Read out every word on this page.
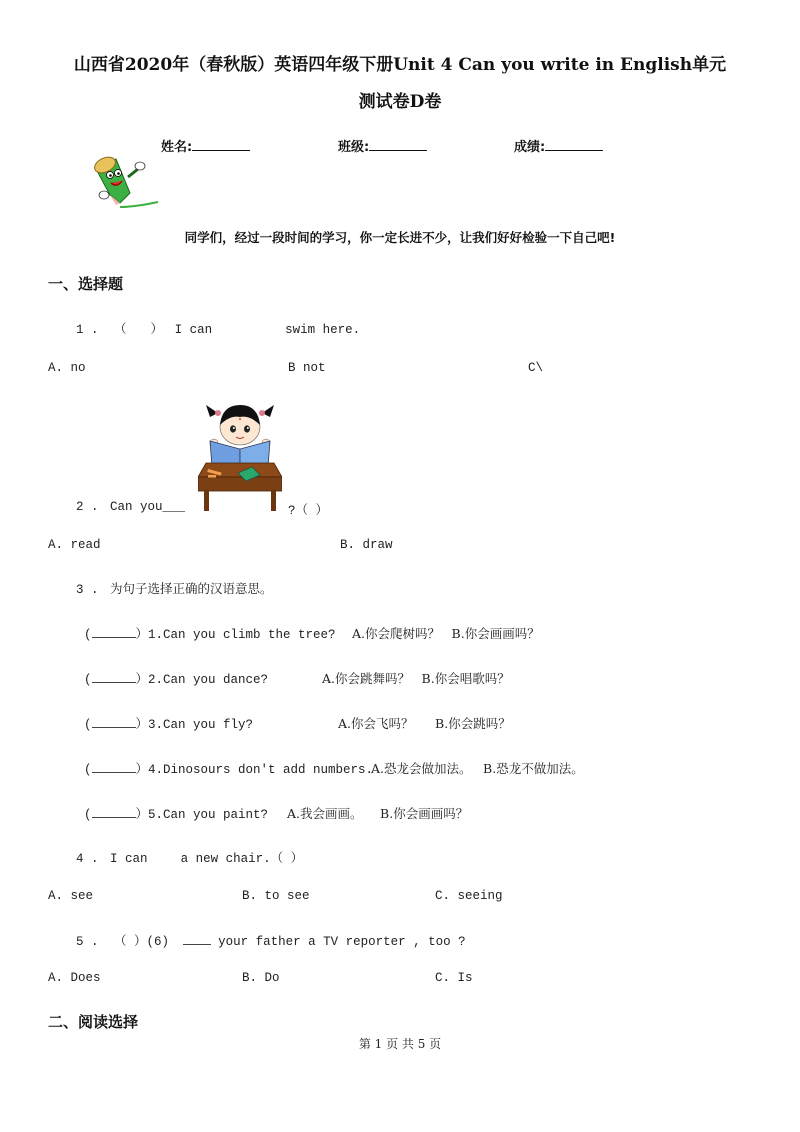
山西省2020年（春秋版）英语四年级下册Unit 4 Can you write in English单元
测试卷D卷
姓名:	班级:	成绩:
同学们，经过一段时间的学习，你一定长进不少，让我们好好检验一下自己吧!
一、选择题
1 . （ ） I can	swim here.
A. no	B not	C\
2 . Can you___	?（ ）
A. read	B. draw
3 . 为句子选择正确的汉语意思。
(	）1.Can you climb the tree? A.你会爬树吗？ B.你会画画吗？
(	）2.Can you dance?	A.你会跳舞吗？ B.你会唱歌吗？
(	）3.Can you fly?	A.你会飞吗？ B.你会跳吗？
(	）4.Dinosours don't add numbers.
A.恐龙会做加法。 B.恐龙不做加法。
(	）5.Can you paint? A.我会画画。 B.你会画画吗？
4 . I can	a new chair.（ ）
A. see	B. to see	C. seeing
5 . （ ）(6)	your father a TV reporter , too ?
A. Does	B. Do	C. Is
二、阅读选择
第 1 页 共 5 页
